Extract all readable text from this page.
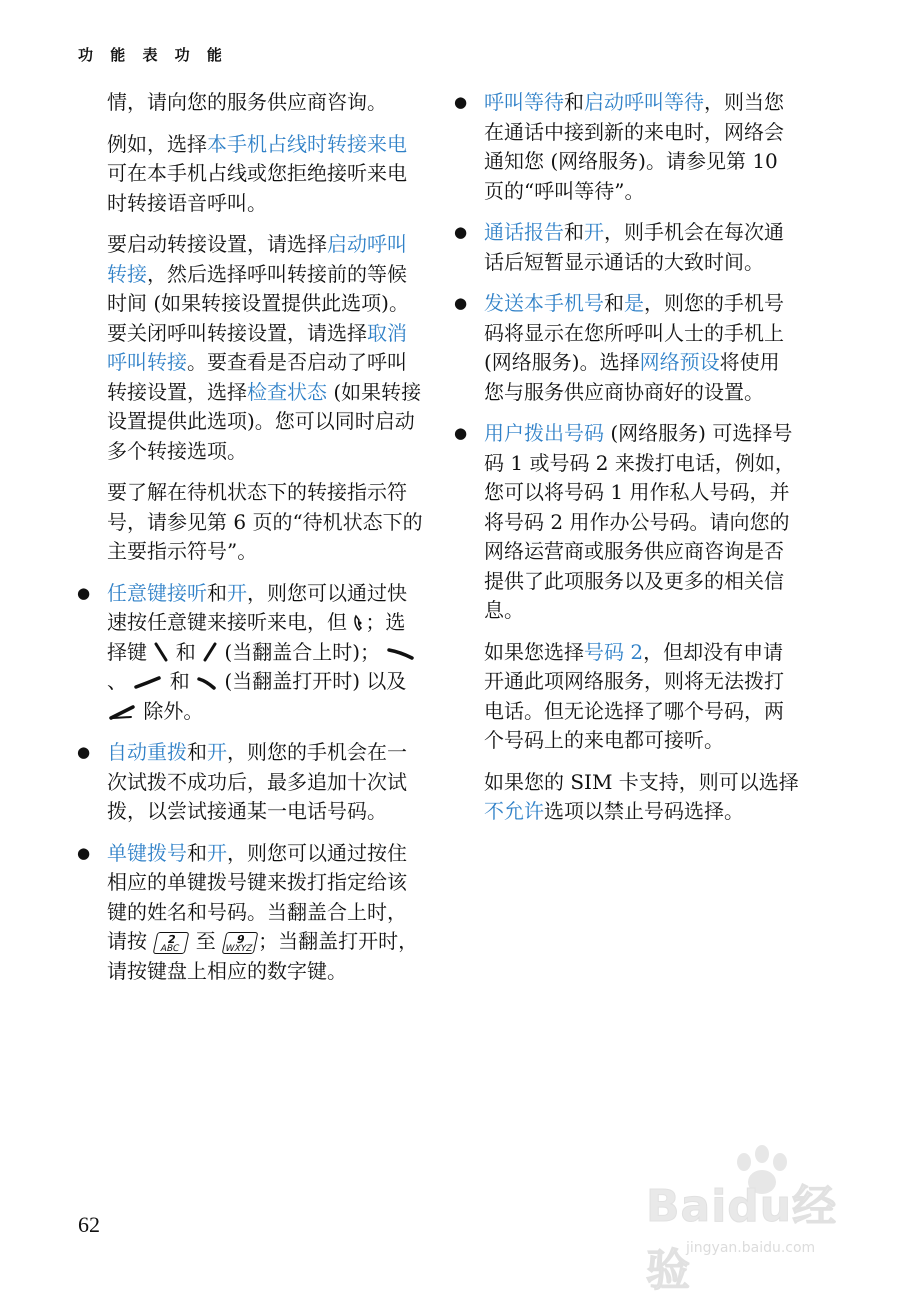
功 能 表 功 能

情，请向您的服务供应商咨询。

例如，选择本手机占线时转接来电可在本手机占线或您拒绝接听来电时转接语音呼叫。

要启动转接设置，请选择启动呼叫转接，然后选择呼叫转接前的等候时间 (如果转接设置提供此选项)。要关闭呼叫转接设置，请选择取消呼叫转接。要查看是否启动了呼叫转接设置，选择检查状态 (如果转接设置提供此选项)。您可以同时启动多个转接选项。

要了解在待机状态下的转接指示符号，请参见第 6 页的“待机状态下的主要指示符号”。

● 任意键接听和开，则您可以通过快速按任意键来接听来电，但 ；选择键 和  (当翻盖合上时)； 、 和  (当翻盖打开时) 以及  除外。
● 自动重拨和开，则您的手机会在一次试拨不成功后，最多追加十次试拨，以尝试接通某一电话号码。
● 单键拨号和开，则您可以通过按住相应的单键拨号键来拨打指定给该键的姓名和号码。当翻盖合上时，请按	2
ABC 至	9
WXYZ ；当翻盖打开时，请按键盘上相应的数字键。
● 呼叫等待和启动呼叫等待，则当您在通话中接到新的来电时，网络会通知您 (网络服务)。请参见第 10 页的“呼叫等待”。
● 通话报告和开，则手机会在每次通话后短暂显示通话的大致时间。
● 发送本手机号和是，则您的手机号码将显示在您所呼叫人士的手机上 (网络服务)。选择网络预设将使用您与服务供应商协商好的设置。
● 用户拨出号码 (网络服务) 可选择号码 1 或号码 2 来拨打电话，例如，您可以将号码 1 用作私人号码，并将号码 2 用作办公号码。请向您的网络运营商或服务供应商咨询是否提供了此项服务以及更多的相关信息。

如果您选择号码 2，但却没有申请开通此项网络服务，则将无法拨打电话。但无论选择了哪个号码，两个号码上的来电都可接听。

如果您的 SIM 卡支持，则可以选择不允许选项以禁止号码选择。

62	Baidu经验
jingyan.baidu.com
